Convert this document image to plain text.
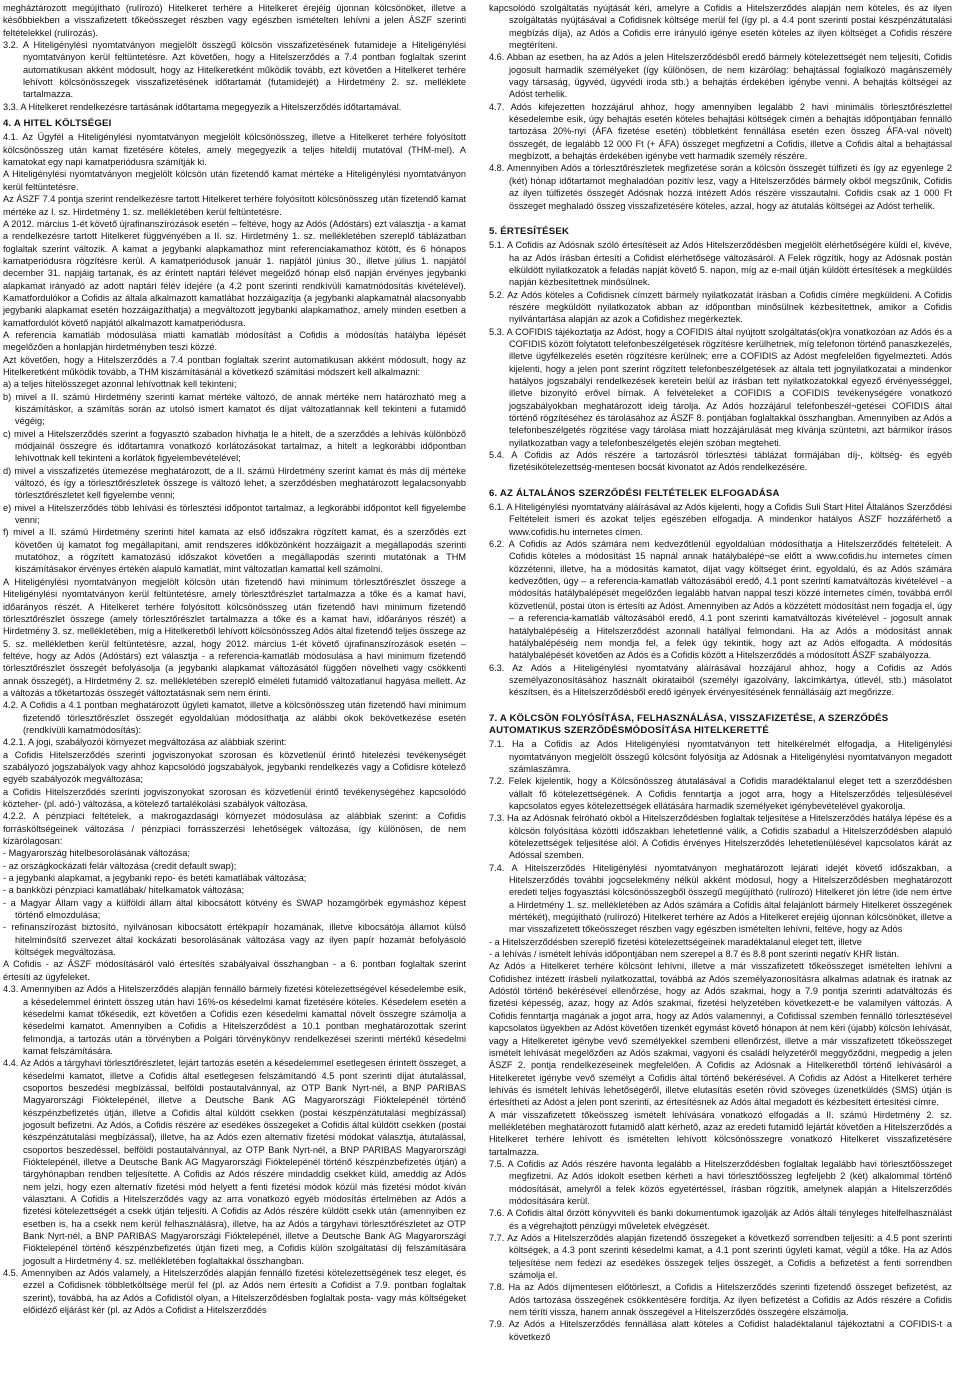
megháztározott megújítható (rulírozó) Hitelkeret terhére a Hitelkeret érejéig újonnan kölcsönöket, illetve a későbbiekben a visszafizetett tőkeösszeget részben vagy egészben ismételten lehívni a jelen ÁSZF szerinti feltételekkel (rulírozás).

3.2. A Hiteligénylési nyomtatványon megjelölt összegű kölcsön visszafizetésének futamideje a Hiteligénylési nyomtatványon kerül feltüntetésre. Azt követően, hogy a Hitelszerződés a 7.4 pontban foglaltak szerint automatikusan akként módosult, hogy az Hitelkeretként működik tovább, ezt követően a Hitelkeret terhére lehívott kölcsönösszegek visszafizetésének időtartamát (futamidejét) a Hirdetmény 2. sz. melléklete tartalmazza.

3.3. A Hitelkeret rendelkezésre tartásának időtartama megegyezik a Hitelszerződés időtartamával.

4. A HITEL KÖLTSÉGEI

4.1. Az Ügyfél a Hiteligénylési nyomtatványon megjelölt kölcsönösszeg, illetve a Hitelkeret terhére folyósított kölcsönösszeg után kamat fizetésére köteles, amely megegyezik a teljes hiteldíj mutatóval (THM-mel). A kamatokat egy napi kamatperiódusra számítják ki.

A Hiteligénylési nyomtatványon megjelölt kölcsön után fizetendő kamat mértéke a Hiteligénylési nyomtatványon kerül feltüntetésre.

Az ÁSZF 7.4 pontja szerint rendelkezésre tartott Hitelkeret terhére folyósított kölcsönösszeg után fizetendő kamat mértéke az I. sz. Hirdetmény 1. sz. mellékletében kerül feltüntetésre.

A 2012. március 1-ét követő újrafinanszírozások esetén – feltéve, hogy az Adós (Adóstárs) ezt választja - a kamat a rendelkezésre tartott Hitelkeret függvényében a II. sz. Hirdetmény 1. sz. mellékletében szereplő táblázatban foglaltak szerint változik. A kamat a jegybanki alapkamathoz mint referenciakamathoz kötött, és 6 hónapos kamatperiódusra rögzítésre kerül. A kamatperiódusok január 1. napjától június 30., illetve július 1. napjától december 31. napjáig tartanak, és az érintett naptári félévet megelőző hónap első napján érvényes jegybanki alapkamat irányadó az adott naptári félév idejére (a 4.2 pont szerinti rendkívüli kamatmódosítás kivételével). Kamatfordulókor a Cofidis az általa alkalmazott kamatlábat hozzáigazítja (a jegybanki alapkamatnál alacsonyabb jegybanki alapkamat esetén hozzáigazíthatja) a megváltozott jegybanki alapkamathoz, amely minden esetben a kamatfordulót követő napjától alkalmazott kamatperiódusra.

A referencia kamatláb módosulása miatti kamatláb módosítást a Cofidis a módosítás hatályba lépését megelőzően a honlapján hirdetményben teszi közzé.

Azt követően, hogy a Hitelszerződés a 7.4 pontban foglaltak szerint automatikusan akként módosult, hogy az Hitelkeretként működik tovább, a THM kiszámításánál a következő számítási módszert kell alkalmazni:

a) a teljes hitelösszeget azonnal lehívottnak kell tekinteni;

b) mivel a II. számú Hirdetmény szerinti kamat mértéke változó, de annak mértéke nem határozható meg a kiszámításkor, a számítás során az utolsó ismert kamatot és díjat változatlannak kell tekinteni a futamidő végéig;

c) mivel a Hitelszerződés szerint a fogyasztó szabadon hívhatja le a hitelt, de a szerződés a lehívás különböző módjainál összegre és időtartamra vonatkozó korlátozásokat tartalmaz, a hitelt a legkorábbi időpontban lehívottnak kell tekinteni a korlátok figyelembevételével;

d) mivel a visszafizetés ütemezése meghatározott, de a II. számú Hirdetmény szerint kamat és más díj mértéke változó, és így a törlesztőrészletek összege is változó lehet, a szerződésben meghatározott legalacsonyabb törlesztőrészletet kell figyelembe venni;

e) mivel a Hitelszerződés több lehívási és törlesztési időpontot tartalmaz, a legkorábbi időpontot kell figyelembe venni;

f) mivel a II. számú Hirdetmény szerinti hitel kamata az első időszakra rögzített kamat, és a szerződés ezt követően új kamatot fog megállapítani, amit rendszeres időközönként hozzáigazít a megállapodás szerinti mutatóhoz, a rögzített kamatozású időszakot követően a megállapodás szerinti mutatónak a THM kiszámításakor érvényes értékén alapuló kamatlát, mint változatlan kamattal kell számolni.

A Hiteligénylési nyomtatványon megjelölt kölcsön után fizetendő havi minimum törlesztőrészlet összege a Hiteligénylési nyomtatványon kerül feltüntetésre, amely törlesztőrészlet tartalmazza a tőke és a kamat havi, időarányos részét. A Hitelkeret terhére folyósított kölcsönösszeg után fizetendő havi minimum fizetendő törlesztőrészlet összege (amely törlesztőrészlet tartalmazza a tőke és a kamat havi, időarányos részét) a Hirdetmény 3. sz. mellékletében, míg a Hitelkeretből lehívott kölcsönösszeg Adós által fizetendő teljes összege az 5. sz. mellékletben kerül feltüntetésre, azzal, hogy 2012. március 1-ét követő újrafinanszírozások esetén – feltéve, hogy az Adós (Adóstárs) ezt választja - a referencia-kamatláb módosulása a havi minimum fizetendő törlesztőrészlet összegét befolyásolja (a jegybanki alapkamat változásától függően növelheti vagy csökkenti annak összegét), a Hirdetmény 2. sz. mellékletében szereplő elméleti futamidő változatlanul hagyása mellett. Az a változás a tőketartozás összegét változtatásnak sem nem érinti.

4.2. A Cofidis a 4.1 pontban meghatározott ügyleti kamatot, illetve a kölcsönösszeg után fizetendő havi minimum fizetendő törlesztőrészlet összegét egyoldalúan módosíthatja az alábbi okok bekövetkezése esetén (rendkívüli kamatmódosítás):

4.2.1. A jogi, szabályozói környezet megváltozása az alábbiak szerint:

a Cofidis Hitelszerződés szerinti jogviszonyokat szorosan és közvetlenül érintő hitelezési tevékenységét szabályozó jogszabályok vagy ahhoz kapcsolódó jogszabályok, jegybanki rendelkezés vagy a Cofidisre kötelező egyéb szabályozók megváltozása;

a Cofidis Hitelszerződés szerinti jogviszonyokat szorosan és közvetlenül érintő tevékenységéhez kapcsolódó közteher- (pl. adó-) változása, a kötelező tartalékolási szabályok változása.

4.2.2. A pénzpiaci feltételek, a makrogazdasági környezet módosulása az alábbiak szerint: a Cofidis forrásköltségeinek változása / pénzpiaci forrásszerzési lehetőségek változása, így különösen, de nem kizárólagosan:

- Magyarország hitelbesorolásának változása;

- az országkockázati felár változása (credit default swap);

- a jegybanki alapkamat, a jegybanki repo- és betéti kamatlábak változása;

- a bankközi pénzpiaci kamatlábak/ hitelkamatok változása;

- a Magyar Állam vagy a külföldi állam által kibocsátott kötvény és SWAP hozamgörbék egymáshoz képest történő elmozdulása;

- refinanszírozást biztosító, nyilvánosan kibocsátott értékpapír hozamának, illetve kibocsátója államot külső hitelminősítő szervezet által kockázati besorolásának változása vagy az ilyen papír hozamát befolyásoló költségek megváltozása.

A Cofidis - az ÁSZF módosításáról való értesítés szabályaival összhangban - a 6. pontban foglaltak szerint értesíti az ügyfeleket.

4.3. Amennyiben az Adós a Hitelszerződés alapján fennálló bármely fizetési kötelezettségével késedelembe esik, a késedelemmel érintett összeg után havi 16%-os késedelmi kamat fizetésére köteles. Késedelem esetén a késedelmi kamat tőkésedik, ezt követően a Cofidis ezen késedelmi kamattal növelt összegre számolja a késedelmi kamatot. Amennyiben a Cofidis a Hitelszerződést a 10.1 pontban meghatározottak szerint felmondja, a tartozás után a törvényben a Polgári törvénykönyv rendelkezései szerinti mértékű késedelmi kamat felszámítására.

4.4. Az Adós a tárgyhavi törlesztőrészletet, lejárt tartozás esetén a késedelemmel esetlegesen érintett összeget, a késedelmi kamatot, illetve a Cofidis által esetlegesen felszámítandó 4.5 pont szerinti díjat átutalással, csoportos beszedési megbízással, belföldi postautalvánnyal, az OTP Bank Nyrt-nél, a BNP PARIBAS Magyarországi Fióktelepénél, illetve a Deutsche Bank AG Magyarországi Fióktelepénél történő készpénzbefizetés útján, illetve a Cofidis által küldött csekken (postai készpénzátutalási megbízással) jogosult befizetni. Az Adós, a Cofidis részére az esedékes összegeket a Cofidis által küldött csekken (postai készpénzátutalási megbízással), illetve, ha az Adós ezen alternatív fizetési módokat választja, átutalással, csoportos beszedéssel, belföldi postautalvánnyal, az OTP Bank Nyrt-nél, a BNP PARIBAS Magyarországi Fióktelepénél, illetve a Deutsche Bank AG Magyarországi Fióktelepénél történő készpénzbefizetés útján) a tárgyhónapban rendben teljesítette. A Cofidis az Adós részére mindaddig csekket küld, ameddig az Adós nem jelzi, hogy ezen alternatív fizetési mód helyett a fenti fizetési módok közül más fizetési módot kíván választani. A Cofidis a Hitelszerződés vagy az arra vonatkozó egyéb módosítás értelmében az Adós a fizetési kötelezettségét a csekk útján teljesíti. A Cofidis az Adós részére küldött csekk után (amennyiben ez esetben is, ha a csekk nem kerül felhasználásra), illetve, ha az Adós a tárgyhavi törlesztőrészletet az OTP Bank Nyrt-nél, a BNP PARIBAS Magyarországi Fióktelepénél, illetve a Deutsche Bank AG Magyarországi Fióktelepénél történő készpénzbefizetés útján fizeti meg, a Cofidis külön szolgáltatási díj felszámítására jogosult a Hirdetmény 4. sz. mellékletében foglaltakkal összhangban.

4.5. Amennyiben az Adós valamely, a Hitelszerződés alapján fennálló fizetési kötelezettségének tesz eleget, és ezzel a Cofidisnek többletköltsége merül fel (pl. az Adós nem értesíti a Cofidist a 7.9. pontban foglaltak szerint), továbbá, ha az Adós a Cofidistól olyan, a Hitelszerződésben foglaltak posta- vagy más költségeket előidéző eljárást kér (pl. az Adós a Cofidist a Hitelszerződés

kapcsolódó szolgáltatás nyújtását kéri, amelyre a Cofidis a Hitelszerződés alapján nem köteles, és az ilyen szolgáltatás nyújtásával a Cofidisnek költsége merül fel (így pl. a 4.4 pont szerinti postai készpénzátutalási megbízás díja), az Adós a Cofidis erre irányuló igénye esetén köteles az ilyen költséget a Cofidis részére megtéríteni.

4.6. Abban az esetben, ha az Adós a jelen Hitelszerződésből eredő bármely kötelezettségét nem teljesíti, Cofidis jogosult harmadik személyeket (így különösen, de nem kizárólag: behajtással foglalkozó magánszemély vagy társaság, ügyvéd, ügyvédi iroda stb.) a behajtás érdekében igénybe venni. A behajtás költségei az Adóst terhelik.

4.7. Adós kifejezetten hozzájárul ahhoz, hogy amennyiben legalább 2 havi minimális törlesztőrészlettel késedelembe esik, úgy behajtás esetén köteles behajtási költségek címén a behajtás időpontjában fennálló tartozása 20%-nyi (ÁFA fizetése esetén) többletként fennállása esetén ezen összeg ÁFA-val növelt) összegét, de legalább 12 000 Ft (+ ÁFA) összeget megfizetni a Cofidis, illetve a Cofidis által a behajtással megbízott, a behajtás érdekében igénybe vett harmadik személy részére.

4.8. Amennyiben Adós a törlesztőrészletek megfizetése során a kölcsön összegét túlfizeti és így az egyenlege 2 (két) hónap időtartamot meghaladóan pozitív lesz, vagy a Hitelszerződés bármely okból megszűnik, Cofidis az ilyen túlfizetés összegét Adósnak hozzá intézett Adós részére visszautalni. Cofidis csak az 1 000 Ft összeget meghaladó összeg visszafizetésére köteles, azzal, hogy az átutalás költségei az Adóst terhelik.

5. ÉRTESÍTÉSEK

5.1. A Cofidis az Adósnak szóló értesítéseit az Adós Hitelszerződésben megjelölt elérhetőségére küldi el, kivéve, ha az Adós írásban értesíti a Cofidist elérhetősége változásáról. A Felek rögzítik, hogy az Adósnak postán elküldött nyilatkozatok a feladás napját követő 5. napon, míg az e-mail útján küldött értesítések a megküldés napján kézbesítettnek minősülnek.

5.2. Az Adós köteles a Cofidisnek címzett bármely nyilatkozatát írásban a Cofidis címére megküldeni. A Cofidis részére megküldött nyilatkozatok abban az időpontban minősülnek kézbesítettnek, amikor a Cofidis nyilvántartása alapján az azok a Cofidishez megérkeztek.

5.3. A COFIDIS tájékoztatja az Adóst, hogy a COFIDIS által nyújtott szolgáltatás(ok)ra vonatkozóan az Adós és a COFIDIS között folytatott telefonbeszélgetések rögzítésre kerülhetnek, míg telefonon történő panaszkezelés, illetve ügyfélkezelés esetén rögzítésre kerülnek; erre a COFIDIS az Adóst megfelelően figyelmezteti. Adós kijelenti, hogy a jelen pont szerint rögzített telefonbeszélgetések az általa tett jognyilatkozatai a mindenkor hatályos jogszabályi rendelkezések keretein belül az írásban tett nyilatkozatokkal egyező érvényességgel, illetve bizonyító erővel bírnak. A felvételeket a COFIDIS a COFIDIS tevékenységére vonatkozó jogszabályokban meghatározott ideig tárolja. Az Adós hozzájárul telefonbeszél¬getései COFIDIS által történő rögzítéséhez és tárolásához az ÁSZF 8. pontjában foglaltakkal összhangban. Amennyiben az Adós a telefonbeszélgetés rögzítése vagy tárolása miatt hozzájárulását meg kívánja szüntetni, azt bármikor írásos nyilatkozatban vagy a telefonbeszélgetés elején szóban megteheti.

5.4. A Cofidis az Adós részére a tartozásról törlesztési táblázat formájában díj-, költség- és egyéb fizetésikötelezettség-mentesen bocsát kivonatot az Adós rendelkezésére.

6. AZ ÁLTALÁNOS SZERZŐDÉSI FELTÉTELEK ELFOGADÁSA

6.1. A Hiteligénylési nyomtatvány aláírásával az Adós kijelenti, hogy a Cofidis Suli Start Hitel Általános Szerződési Feltételeit ismeri és azokat teljes egészében elfogadja. A mindenkor hatályos ÁSZF hozzáférhető a www.cofidis.hu internetes címen.

6.2. A Cofidis az Adós számára nem kedvezőtlenül egyoldalúan módosíthatja a Hitelszerződés feltételeit. A Cofidis köteles a módosítást 15 napnál annak hatálybalépé¬se előtt a www.cofidis.hu internetes címen közzétenni, illetve, ha a módosítás kamatot, díjat vagy költséget érint, egyoldalú, és az Adós számára kedvezőtlen, úgy – a referencia-kamatláb változásából eredő, 4.1 pont szerinti kamatváltozás kivételével - a módosítás hatálybalépését megelőzően legalább hatvan nappal teszi közzé internetes címén, továbbá erről közvetlenül, postai úton is értesíti az Adóst. Amennyiben az Adós a közzétett módosítást nem fogadja el, úgy – a referencia-kamatláb változásából eredő, 4.1 pont szerinti kamatváltozás kivételével - jogosult annak hatálybalépéséig a Hitelszerződést azonnali hatállyal felmondani. Ha az Adós a módosítást annak hatálybalépéséig nem mondja fel, a felek úgy tekintik, hogy azt az Adós elfogadta. A módosítás hatálybalépését követően az Adós és a Cofidis között a Hitelszerződés a módosított ÁSZF szabályozza.

6.3. Az Adós a Hiteligénylési nyomtatvány aláírásával hozzájárul ahhoz, hogy a Cofidis az Adós személyazonosításához használt okirataiból (személyi igazolvány, lakcímkártya, útlevél, stb.) másolatot készítsen, és a Hitelszerződésből eredő igények érvényesítésének fennállásáig azt megőrizze.

7. A KÖLCSÖN FOLYÓSÍTÁSA, FELHASZNÁLÁSA, VISSZAFIZETÉSE, A SZERZŐDÉS AUTOMATIKUS SZERZŐDÉSMÓDOSÍTÁSA HITELKERETTÉ

7.1. Ha a Cofidis az Adós Hiteligénylési nyomtatványon tett hitelkérelmét elfogadja, a Hiteligénylési nyomtatványon megjelölt összegű kölcsönt folyósítja az Adósnak a Hiteligénylési nyomtatványon megadott számlaszámra.

7.2. Felek kijelentik, hogy a Kölcsönösszeg átutalásával a Cofidis maradéktalanul eleget tett a szerződésben vállalt fő kötelezettségének. A Cofidis fenntartja a jogot arra, hogy a Hitelszerződés teljesülésével kapcsolatos egyes kötelezettségek ellátására harmadik személyeket igénybevételével gyakorolja.

7.3. Ha az Adósnak felróható okból a Hitelszerződésben foglaltak teljesítése a Hitelszerződés hatálya lépése és a kölcsön folyósítása közötti időszakban lehetetlenné válik, a Cofidis szabadul a Hitelszerződésben alapuló kötelezettségek teljesítése alól. A Cofidis érvényes Hitelszerződés lehetetlenülésével kapcsolatos kárát az Adóssal szemben.

7.4. A Hitelszerződés Hiteligénylési nyomtatványon meghatározott lejárati idejét követő időszakban, a Hitelszerződés további jogcselekmény nélkül akként módosul, hogy a Hitelszerződésben meghatározott eredeti teljes fogyasztási kölcsönösszegből összegű megújítható (rulírozó) Hitelkeret jön létre (ide nem értve a Hirdetmény 1. sz. mellékletében az Adós számára a Cofidis által felajánlott bármely Hitelkeret összegének mértékét), megújítható (rulírozó) Hitelkeret terhére az Adós a Hitelkeret erejéig újonnan kölcsönöket, illetve a mar visszafizetett tőkeösszeget részben vagy egészben ismételten lehívni, feltéve, hogy az Adós

- a Hitelszerződésben szereplő fizetési kötelezettségeinek maradéktalanul eleget tett, illetve

- a lehívás / ismételt lehívás időpontjában nem szerepel a 8.7 és 8.8 pont szerinti negatív KHR listán.

Az Adós a Hitelkeret terhére kölcsönt lehívni, illetve a már visszafizetett tőkeösszeget ismételten lehívni a Cofidishez intézett írásbeli nyilatkozattal, továbbá az Adós személyazonosításra alkalmas adatnak és iratnak az Adóstól történő bekérésével ellenőrzése, hogy az Adós szakmai, hogy a 7.9 pontja szerinti adatváltozás és fizetési képesség, azaz, hogy az Adós szakmai, fizetési helyzetében következett-e be valamilyen változás. A Cofidis fenntartja magának a jogot arra, hogy az Adós valamennyi, a Cofidissal szemben fennálló törlesztésével kapcsolatos ügyekben az Adóst követően tizenkét egymást követő hónapon át nem kéri (újabb) kölcsön lehívását, vagy a Hitelkeretet igénybe vevő személyekkel szembeni ellenőrzést, illetve a már visszafizetett tőkeösszeget ismételt lehívását megelőzően az Adós szakmai, vagyoni és családi helyzetéről meggyőződni, megpedig a jelen ÁSZF 2. pontja rendelkezéseinek megfelelően. A Cofidis az Adósnak a Hitelkeretből történő lehívásáról a Hitelkeretet igénybe vevő személyt a Cofidis által történő bekérésével. A Cofidis az Adóst a Hitelkeret terhére lehívás és ismételt lehívás lehetőségéről, illetve elutasítás esetén rövid szöveges üzenetküldés (SMS) útján is értesítheti az Adóst a jelen pont szerinti, az értesítésnek az Adós által megadott és kézbesített értesítési címre.

A már visszafizetett tőkeösszeg ismételt lehívására vonatkozó elfogadás a II. számú Hirdetmény 2. sz. mellékletében meghatározott futamidő alatt kérhető, azaz az eredeti futamidő lejártát követően a Hitelszerződés a Hitelkeret terhére lehívott és ismételten lehívott kölcsönösszegre vonatkozó Hitelkeret visszafizetésére tartalmazza.

7.5. A Cofidis az Adós részére havonta legalább a Hitelszerződésben foglaltak legalább havi törlesztőösszeget megfizetni. Az Adós idokolt esetben kérheti a havi törlesztőösszeg legfeljebb 2 (két) alkalommal történő módosítását, amelyről a felek közös egyetértéssel, írásban rögzítik, amelynek alapján a Hitelszerződés módosítására kerül.

7.6. A Cofidis által őrzött könyvviteli és banki dokumentumok igazolják az Adós általi tényleges hitelfelhasználást és a végrehajtott pénzügyi műveletek elvégzését.

7.7. Az Adós a Hitelszerződés alapján fizetendő összegeket a következő sorrendben teljesíti: a 4.5 pont szerinti költségek, a 4.3 pont szerinti késedelmi kamat, a 4.1 pont szerinti ügyleti kamat, végül a tőke. Ha az Adós teljesítése nem fedezi az esedékes összegek teljes összegét, a Cofidis a befizetést a fenti sorrendben számolja el.

7.8. Ha az Adós díjmentesen előtörleszt, a Cofidis a Hitelszerződés szerinti fizetendő összeget befizetést, az Adós tartozása összegének csökkentésére fordítja. Az ilyen befizetést a Cofidis az Adós részére a Cofidis nem téríti vissza, hanem annak összegével a Hitelszerződés összegére elszámolja.

7.9. Az Adós a Hitelszerződés fennállása alatt köteles a Cofidist haladéktalanul tájékoztatni a COFIDIS-t a következő
